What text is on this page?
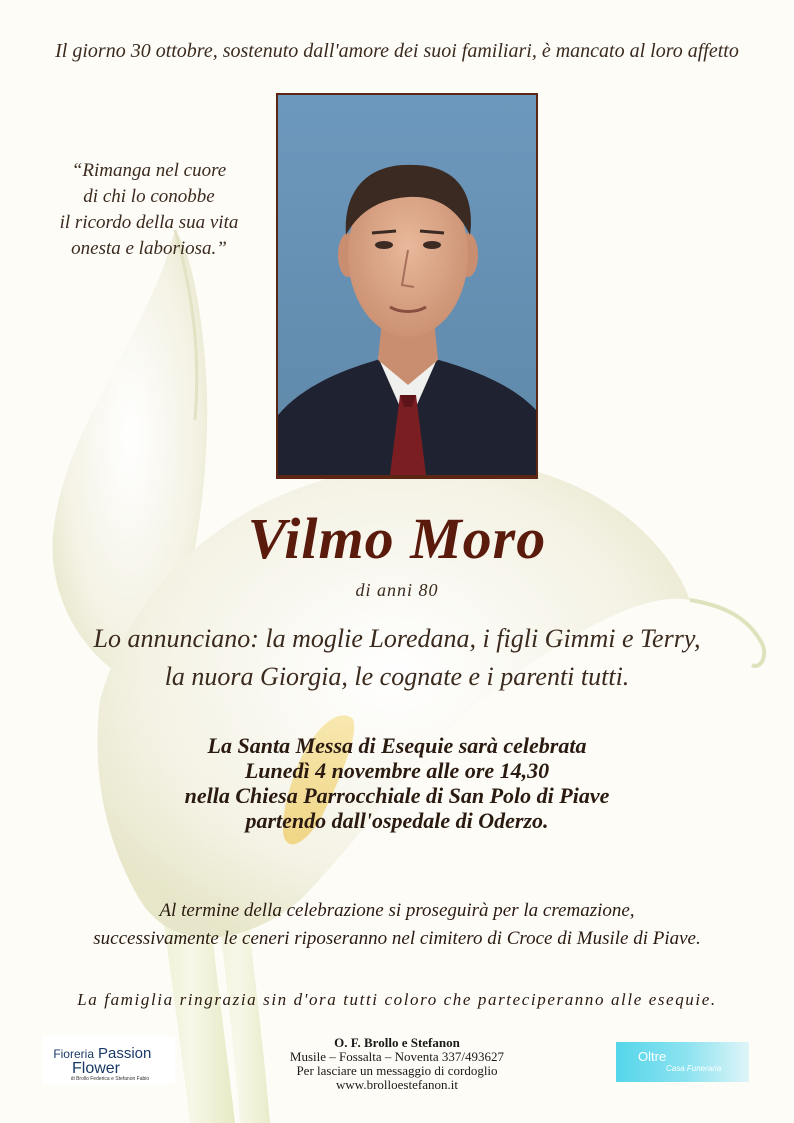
Il giorno 30 ottobre, sostenuto dall'amore dei suoi familiari, è mancato al loro affetto
“Rimanga nel cuore
di chi lo conobbe
il ricordo della sua vita
onesta e laboriosa.”
Vilmo Moro
di anni 80
Lo annunciano: la moglie Loredana, i figli Gimmi e Terry,
la nuora Giorgia, le cognate e i parenti tutti.
La Santa Messa di Esequie sarà celebrata
Lunedì 4 novembre alle ore 14,30
nella Chiesa Parrocchiale di San Polo di Piave
partendo dall'ospedale di Oderzo.
Al termine della celebrazione si proseguirà per la cremazione,
successivamente le ceneri riposeranno nel cimitero di Croce di Musile di Piave.
La famiglia ringrazia sin d'ora tutti coloro che parteciperanno alle esequie.
Fioreria Passion
Flower
di Brollo Federica e Stefanon Fabio
O. F. Brollo e Stefanon
Musile – Fossalta – Noventa 337/493627
Per lasciare un messaggio di cordoglio
www.brolloestefanon.it
Oltre
Casa Funeraria
